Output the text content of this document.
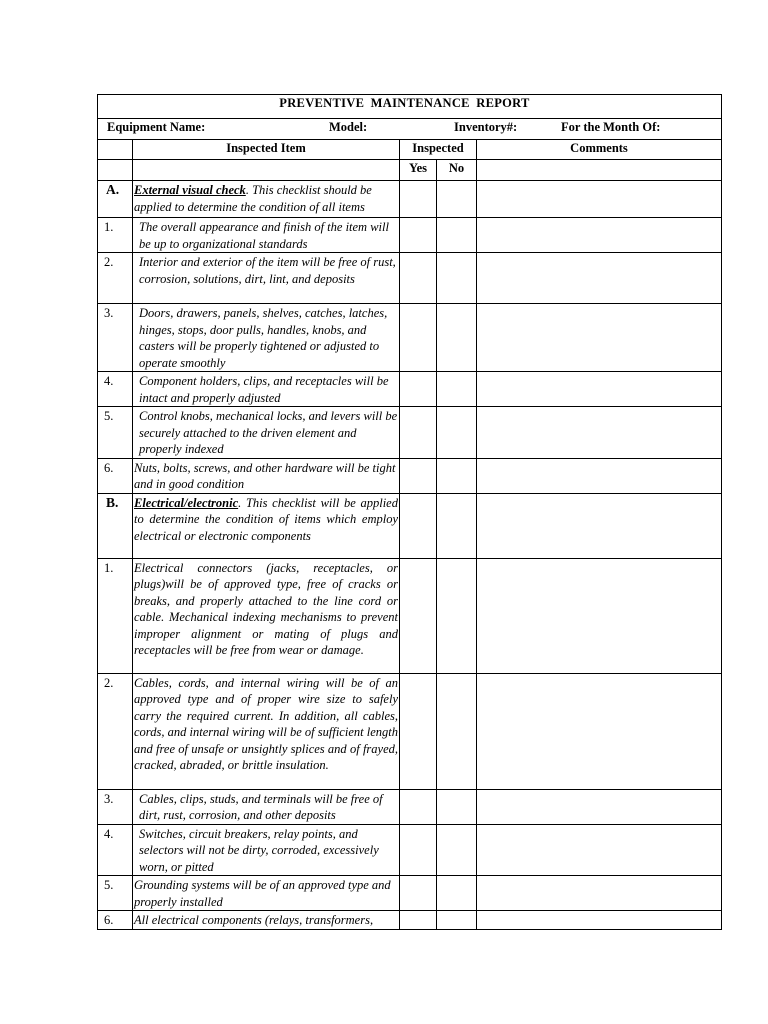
PREVENTIVE MAINTENANCE REPORT				

Equipment Name: Model: Inventory#: For the Month Of:				

	Inspected Item	Inspected		Comments
		Yes	No	
A.	External visual check. This checklist should be applied to determine the condition of all items			
1.	The overall appearance and finish of the item will be up to organizational standards			
2.	Interior and exterior of the item will be free of rust, corrosion, solutions, dirt, lint, and deposits			
3.	Doors, drawers, panels, shelves, catches, latches, hinges, stops, door pulls, handles, knobs, and casters will be properly tightened or adjusted to operate smoothly			
4.	Component holders, clips, and receptacles will be intact and properly adjusted			
5.	Control knobs, mechanical locks, and levers will be securely attached to the driven element and properly indexed			
6.	Nuts, bolts, screws, and other hardware will be tight and in good condition			
B.	Electrical/electronic. This checklist will be applied to determine the condition of items which employ electrical or electronic components			
1.	Electrical connectors (jacks, receptacles, or plugs)will be of approved type, free of cracks or breaks, and properly attached to the line cord or cable. Mechanical indexing mechanisms to prevent improper alignment or mating of plugs and receptacles will be free from wear or damage.			
2.	Cables, cords, and internal wiring will be of an approved type and of proper wire size to safely carry the required current. In addition, all cables, cords, and internal wiring will be of sufficient length and free of unsafe or unsightly splices and of frayed, cracked, abraded, or brittle insulation.			
3.	Cables, clips, studs, and terminals will be free of dirt, rust, corrosion, and other deposits			
4.	Switches, circuit breakers, relay points, and selectors will not be dirty, corroded, excessively worn, or pitted			
5.	Grounding systems will be of an approved type and properly installed			
6.	All electrical components (relays, transformers,			
